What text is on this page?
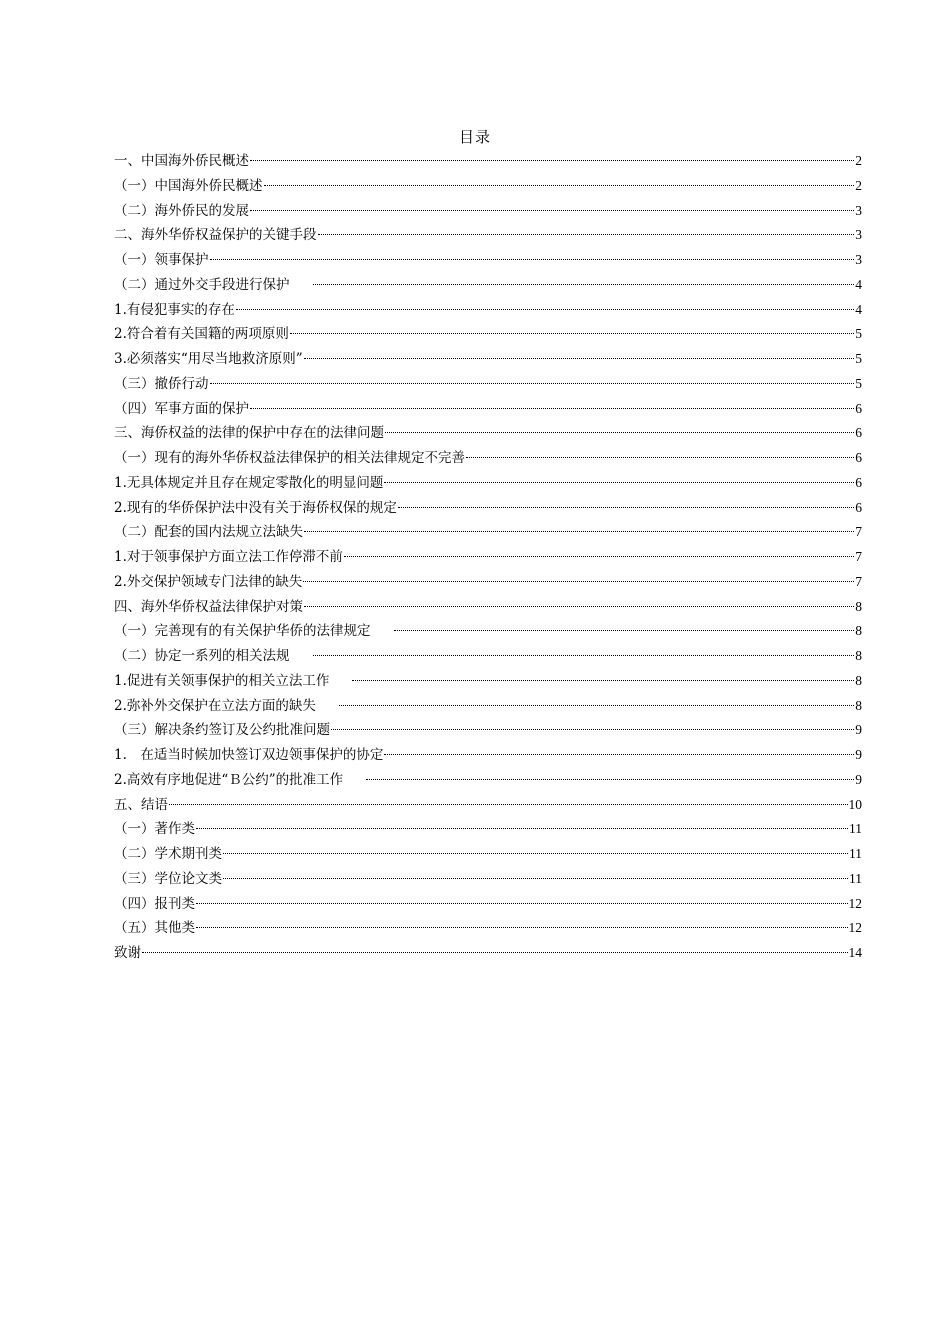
目录
一、中国海外侨民概述	2
（一）中国海外侨民概述	2
（二）海外侨民的发展	3
二、海外华侨权益保护的关键手段	3
（一）领事保护	3
（二）通过外交手段进行保护	4
1.有侵犯事实的存在	4
2.符合着有关国籍的两项原则	5
3.必须落实“用尽当地救济原则”	5
（三）撤侨行动	5
（四）军事方面的保护	6
三、海侨权益的法律的保护中存在的法律问题	6
（一）现有的海外华侨权益法律保护的相关法律规定不完善	6
1.无具体规定并且存在规定零散化的明显问题	6
2.现有的华侨保护法中没有关于海侨权保的规定	6
（二）配套的国内法规立法缺失	7
1.对于领事保护方面立法工作停滞不前	7
2.外交保护领域专门法律的缺失	7
四、海外华侨权益法律保护对策	8
（一）完善现有的有关保护华侨的法律规定	8
（二）协定一系列的相关法规	8
1.促进有关领事保护的相关立法工作	8
2.弥补外交保护在立法方面的缺失	8
（三）解决条约签订及公约批准问题	9
1.　在适当时候加快签订双边领事保护的协定	9
2.高效有序地促进“Ｂ公约”的批准工作	9
五、结语	10
（一）著作类	11
（二）学术期刊类	11
（三）学位论文类	11
（四）报刊类	12
（五）其他类	12
致谢	14
